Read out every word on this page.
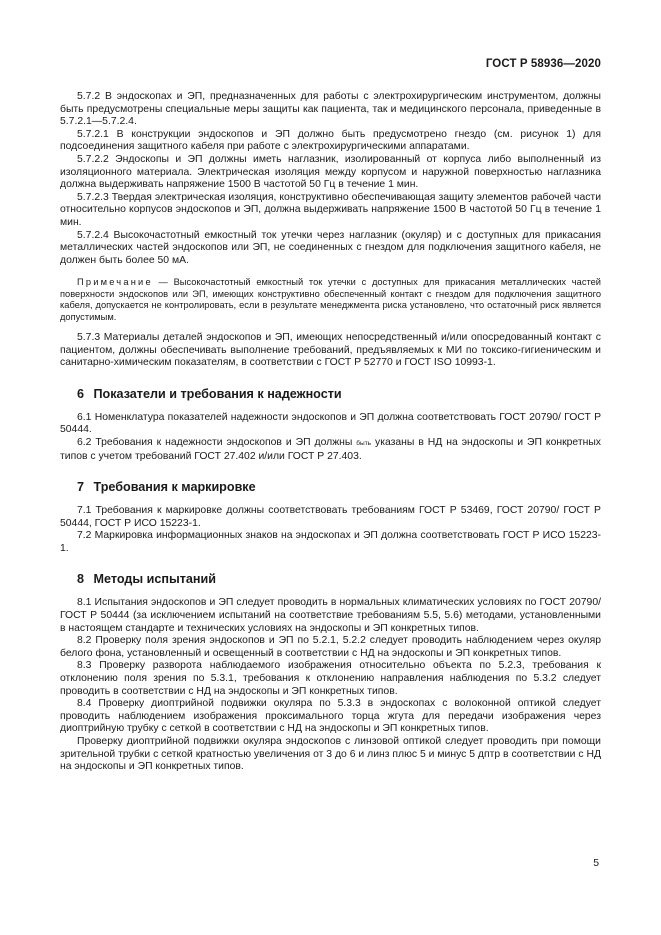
ГОСТ Р 58936—2020

5.7.2 В эндоскопах и ЭП, предназначенных для работы с электрохирургическим инструментом, должны быть предусмотрены специальные меры защиты как пациента, так и медицинского персонала, приведенные в 5.7.2.1—5.7.2.4.

5.7.2.1 В конструкции эндоскопов и ЭП должно быть предусмотрено гнездо (см. рисунок 1) для подсоединения защитного кабеля при работе с электрохирургическими аппаратами.

5.7.2.2 Эндоскопы и ЭП должны иметь наглазник, изолированный от корпуса либо выполненный из изоляционного материала. Электрическая изоляция между корпусом и наружной поверхностью наглазника должна выдерживать напряжение 1500 В частотой 50 Гц в течение 1 мин.

5.7.2.3 Твердая электрическая изоляция, конструктивно обеспечивающая защиту элементов рабочей части относительно корпусов эндоскопов и ЭП, должна выдерживать напряжение 1500 В частотой 50 Гц в течение 1 мин.

5.7.2.4 Высокочастотный емкостный ток утечки через наглазник (окуляр) и с доступных для прикасания металлических частей эндоскопов или ЭП, не соединенных с гнездом для подключения защитного кабеля, не должен быть более 50 мА.

Примечание — Высокочастотный емкостный ток утечки с доступных для прикасания металлических частей поверхности эндоскопов или ЭП, имеющих конструктивно обеспеченный контакт с гнездом для подключения защитного кабеля, допускается не контролировать, если в результате менеджмента риска установлено, что остаточный риск является допустимым.

5.7.3 Материалы деталей эндоскопов и ЭП, имеющих непосредственный и/или опосредованный контакт с пациентом, должны обеспечивать выполнение требований, предъявляемых к МИ по токсико-гигиеническим и санитарно-химическим показателям, в соответствии с ГОСТ Р 52770 и ГОСТ ISO 10993-1.

6 Показатели и требования к надежности

6.1 Номенклатура показателей надежности эндоскопов и ЭП должна соответствовать ГОСТ 20790/ ГОСТ Р 50444.

6.2 Требования к надежности эндоскопов и ЭП должны быть указаны в НД на эндоскопы и ЭП конкретных типов с учетом требований ГОСТ 27.402 и/или ГОСТ Р 27.403.

7 Требования к маркировке

7.1 Требования к маркировке должны соответствовать требованиям ГОСТ Р 53469, ГОСТ 20790/ ГОСТ Р 50444, ГОСТ Р ИСО 15223-1.

7.2 Маркировка информационных знаков на эндоскопах и ЭП должна соответствовать ГОСТ Р ИСО 15223-1.

8 Методы испытаний

8.1 Испытания эндоскопов и ЭП следует проводить в нормальных климатических условиях по ГОСТ 20790/ГОСТ Р 50444 (за исключением испытаний на соответствие требованиям 5.5, 5.6) методами, установленными в настоящем стандарте и технических условиях на эндоскопы и ЭП конкретных типов.

8.2 Проверку поля зрения эндоскопов и ЭП по 5.2.1, 5.2.2 следует проводить наблюдением через окуляр белого фона, установленный и освещенный в соответствии с НД на эндоскопы и ЭП конкретных типов.

8.3 Проверку разворота наблюдаемого изображения относительно объекта по 5.2.3, требования к отклонению поля зрения по 5.3.1, требования к отклонению направления наблюдения по 5.3.2 следует проводить в соответствии с НД на эндоскопы и ЭП конкретных типов.

8.4 Проверку диоптрийной подвижки окуляра по 5.3.3 в эндоскопах с волоконной оптикой следует проводить наблюдением изображения проксимального торца жгута для передачи изображения через диоптрийную трубку с сеткой в соответствии с НД на эндоскопы и ЭП конкретных типов.

Проверку диоптрийной подвижки окуляра эндоскопов с линзовой оптикой следует проводить при помощи зрительной трубки с сеткой кратностью увеличения от 3 до 6 и линз плюс 5 и минус 5 дптр в соответствии с НД на эндоскопы и ЭП конкретных типов.

5
